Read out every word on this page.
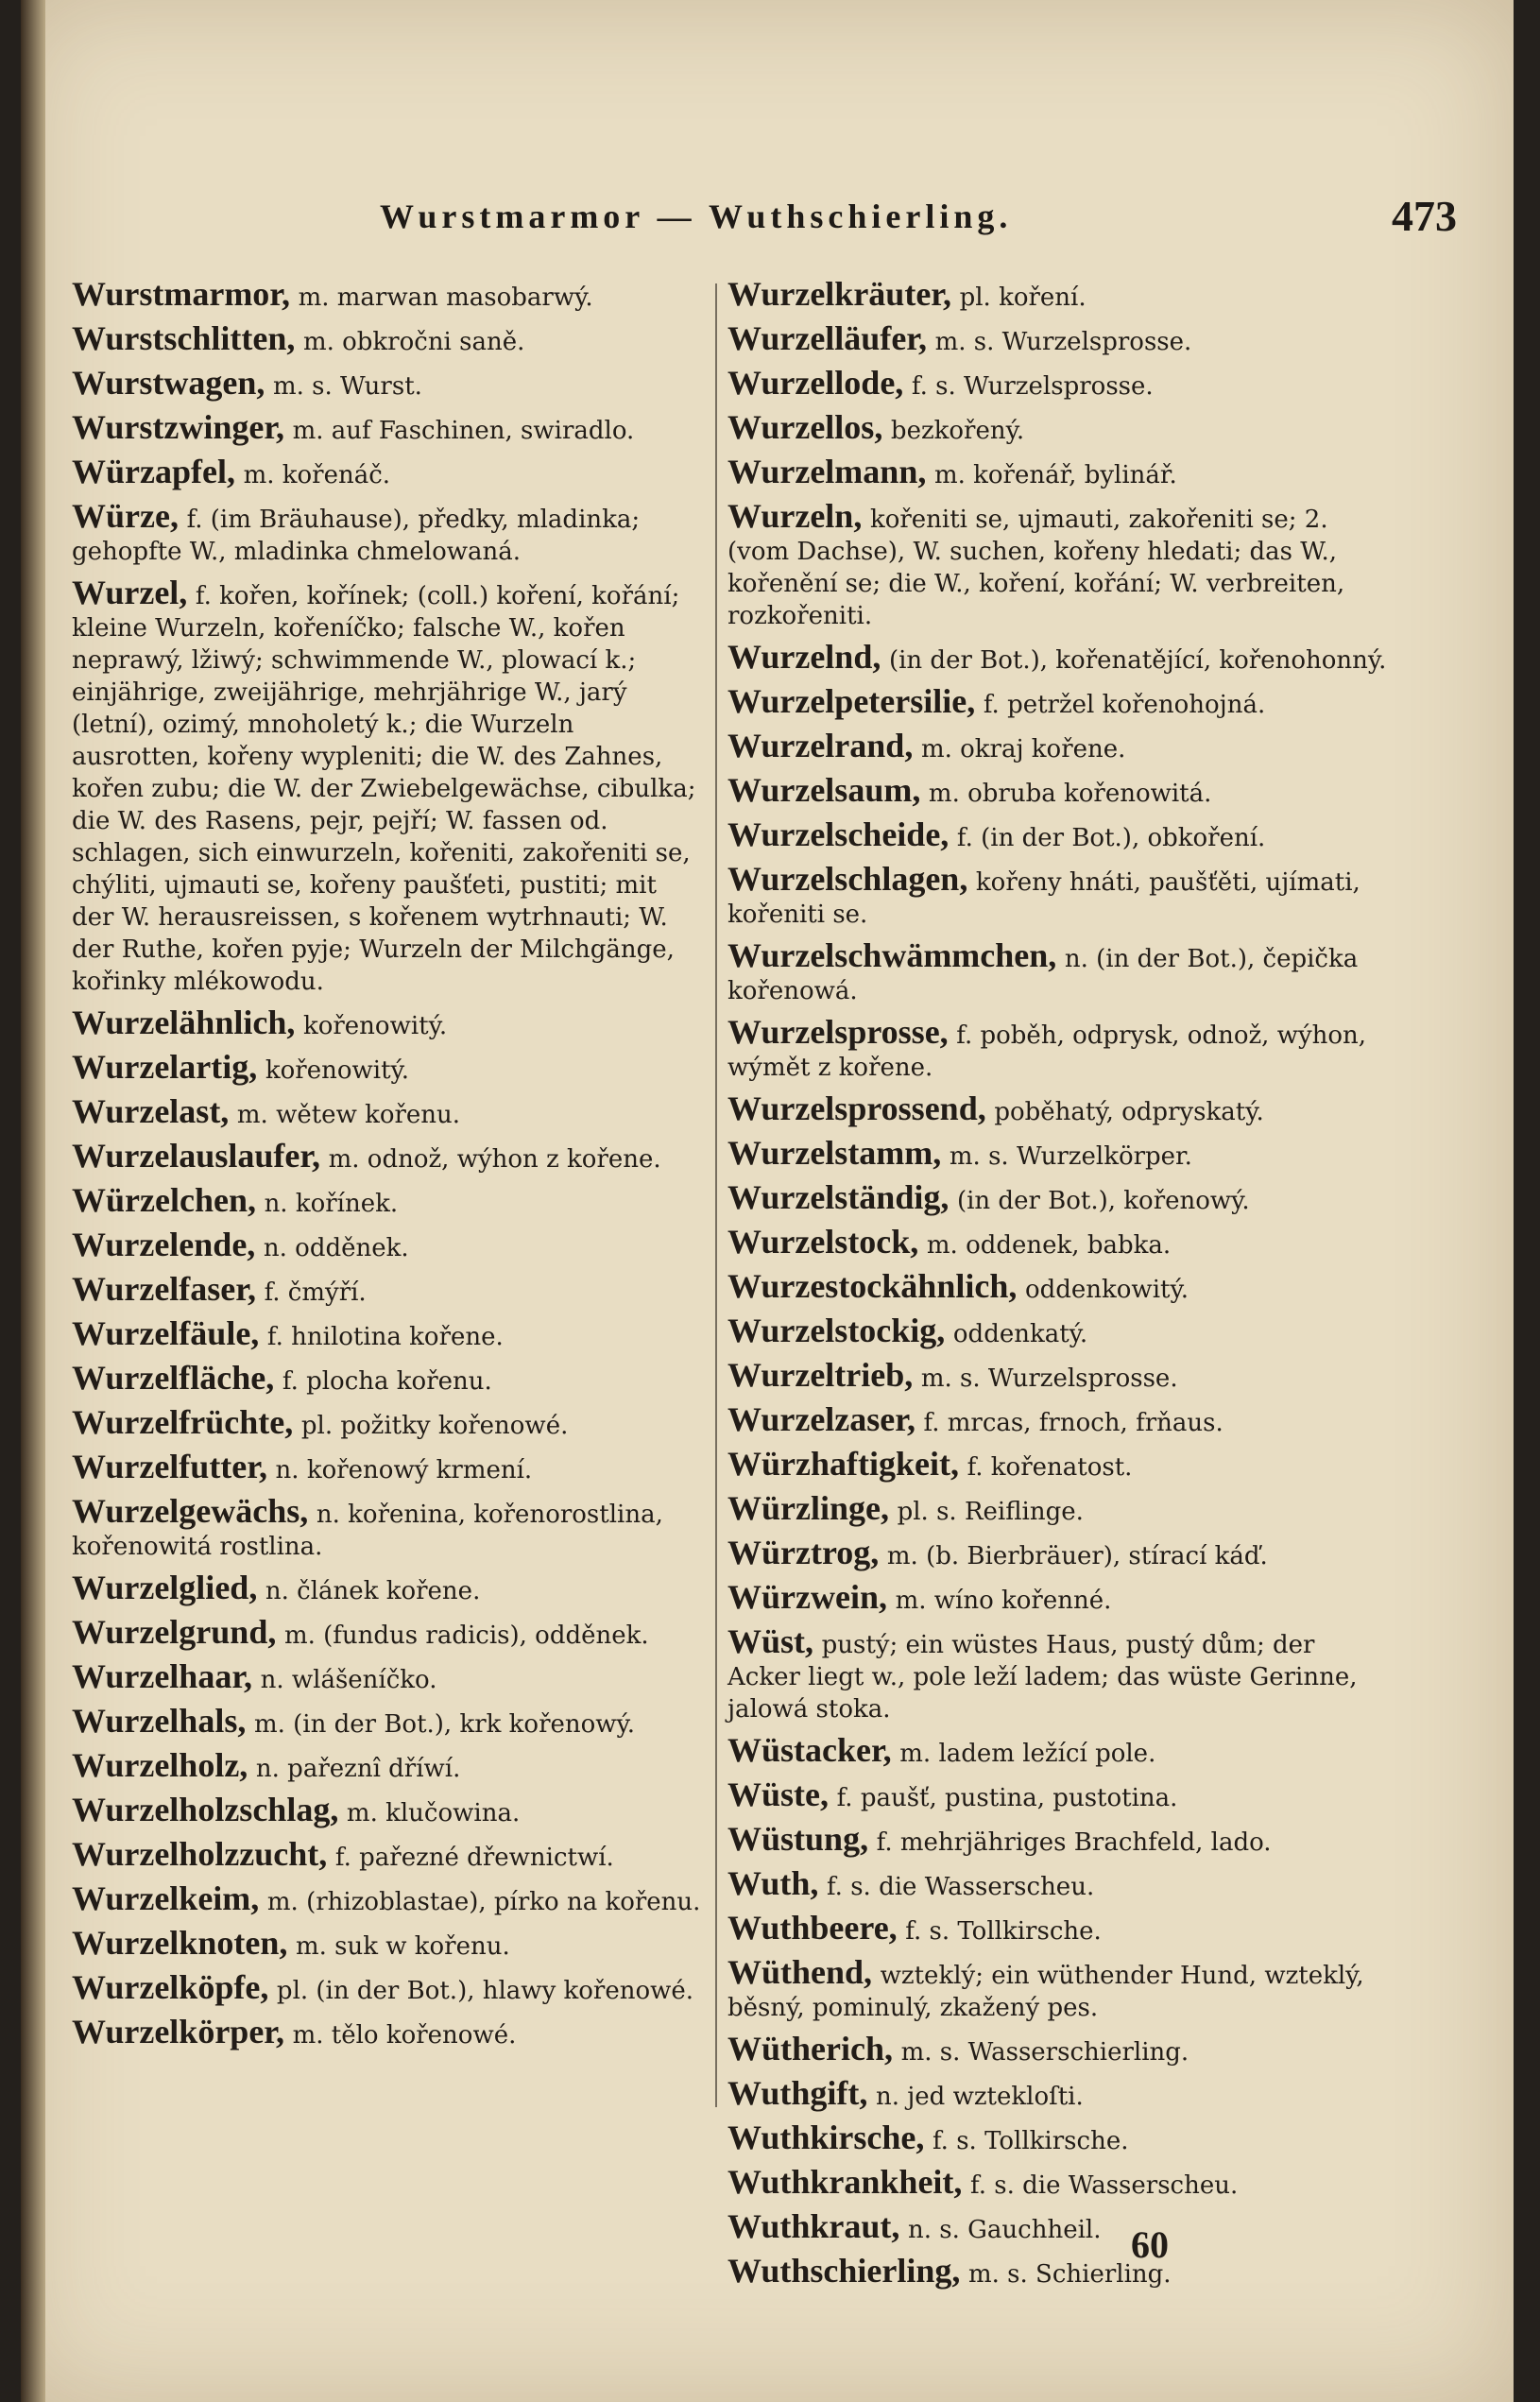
Wurstmarmor — Wuthschierling.	473
Wurstmarmor, m. marwan masobarwý.
Wurstschlitten, m. obkročni saně.
Wurstwagen, m. s. Wurst.
Wurstzwinger, m. auf Faschinen, swiradlo.
Würzapfel, m. kořenáč.
Würze, f. (im Bräuhause), předky, mladinka; gehopfte W., mladinka chmelowaná.
Wurzel, f. kořen, kořínek; (coll.) koření, kořání; kleine Wurzeln, kořeníčko; falsche W., kořen neprawý, lžiwý; schwimmende W., plowací k.; einjährige, zweijährige, mehrjährige W., jarý (letní), ozimý, mnoholetý k.; die Wurzeln ausrotten, kořeny wypleniti; die W. des Zahnes, kořen zubu; die W. der Zwiebelgewächse, cibulka; die W. des Rasens, pejr, pejří; W. fassen od. schlagen, sich einwurzeln, kořeniti, zakořeniti se, chýliti, ujmauti se, kořeny paušťeti, pustiti; mit der W. herausreissen, s kořenem wytrhnauti; W. der Ruthe, kořen pyje; Wurzeln der Milchgänge, kořinky mlékowodu.
Wurzelähnlich, kořenowitý.
Wurzelartig, kořenowitý.
Wurzelast, m. wětew kořenu.
Wurzelauslaufer, m. odnož, wýhon z kořene.
Würzelchen, n. kořínek.
Wurzelende, n. odděnek.
Wurzelfaser, f. čmýří.
Wurzelfäule, f. hnilotina kořene.
Wurzelfläche, f. plocha kořenu.
Wurzelfrüchte, pl. požitky kořenowé.
Wurzelfutter, n. kořenowý krmení.
Wurzelgewächs, n. kořenina, kořenorostlina, kořenowitá rostlina.
Wurzelglied, n. článek kořene.
Wurzelgrund, m. (fundus radicis), odděnek.
Wurzelhaar, n. wlášeníčko.
Wurzelhals, m. (in der Bot.), krk kořenowý.
Wurzelholz, n. pařeznî dříwí.
Wurzelholzschlag, m. klučowina.
Wurzelholzzucht, f. pařezné dřewnictwí.
Wurzelkeim, m. (rhizoblastae), pírko na kořenu.
Wurzelknoten, m. suk w kořenu.
Wurzelköpfe, pl. (in der Bot.), hlawy kořenowé.
Wurzelkörper, m. tělo kořenowé.
Wurzelkräuter, pl. koření.
Wurzelläufer, m. s. Wurzelsprosse.
Wurzellode, f. s. Wurzelsprosse.
Wurzellos, bezkořený.
Wurzelmann, m. kořenář, bylinář.
Wurzeln, kořeniti se, ujmauti, zakořeniti se; 2. (vom Dachse), W. suchen, kořeny hledati; das W., kořenění se; die W., koření, kořání; W. verbreiten, rozkořeniti.
Wurzelnd, (in der Bot.), kořenatějící, kořenohonný.
Wurzelpetersilie, f. petržel kořenohojná.
Wurzelrand, m. okraj kořene.
Wurzelsaum, m. obruba kořenowitá.
Wurzelscheide, f. (in der Bot.), obkoření.
Wurzelschlagen, kořeny hnáti, paušťěti, ujímati, kořeniti se.
Wurzelschwämmchen, n. (in der Bot.), čepička kořenowá.
Wurzelsprosse, f. poběh, odprysk, odnož, wýhon, wýmět z kořene.
Wurzelsprossend, poběhatý, odpryskatý.
Wurzelstamm, m. s. Wurzelkörper.
Wurzelständig, (in der Bot.), kořenowý.
Wurzelstock, m. oddenek, babka.
Wurzestockähnlich, oddenkowitý.
Wurzelstockig, oddenkatý.
Wurzeltrieb, m. s. Wurzelsprosse.
Wurzelzaser, f. mrcas, frnoch, frňaus.
Würzhaftigkeit, f. kořenatost.
Würzlinge, pl. s. Reiflinge.
Würztrog, m. (b. Bierbräuer), stírací káď.
Würzwein, m. wíno kořenné.
Wüst, pustý; ein wüstes Haus, pustý dům; der Acker liegt w., pole leží ladem; das wüste Gerinne, jalowá stoka.
Wüstacker, m. ladem ležící pole.
Wüste, f. paušť, pustina, pustotina.
Wüstung, f. mehrjähriges Brachfeld, lado.
Wuth, f. s. die Wasserscheu.
Wuthbeere, f. s. Tollkirsche.
Wüthend, wzteklý; ein wüthender Hund, wzteklý, běsný, pominulý, zkažený pes.
Wütherich, m. s. Wasserschierling.
Wuthgift, n. jed wztekloſti.
Wuthkirsche, f. s. Tollkirsche.
Wuthkrankheit, f. s. die Wasserscheu.
Wuthkraut, n. s. Gauchheil.
Wuthschierling, m. s. Schierling.
60
